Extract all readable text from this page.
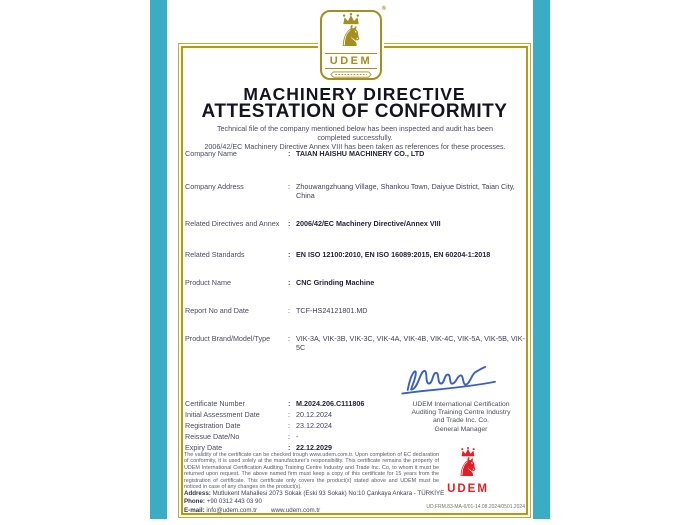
®
♞
UDEM
MACHINERY DIRECTIVE
ATTESTATION OF CONFORMITY
Technical file of the company mentioned below has been inspected and audit has been completed successfully.
2006/42/EC Machinery Directive Annex VIII has been taken as references for these processes.
Company Name	: TAIAN HAISHU MACHINERY CO., LTD
Company Address	: Zhouwangzhuang Village, Shankou Town, Daiyue District, Taian City, China
Related Directives and Annex	: 2006/42/EC Machinery Directive/Annex VIII
Related Standards	: EN ISO 12100:2010, EN ISO 16089:2015, EN 60204-1:2018
Product Name	: CNC Grinding Machine
Report No and Date	: TCF-HS24121801.MD
Product Brand/Model/Type	: VIK-3A, VIK-3B, VIK-3C, VIK-4A, VIK-4B, VIK-4C, VIK-5A, VIK-5B, VIK-5C
UDEM International Certification
Auditing Training Centre Industry
and Trade Inc. Co.
General Manager
Certificate Number	: M.2024.206.C111806
Initial Assessment Date	: 20.12.2024
Registration Date	: 23.12.2024
Reissue Date/No	: -
Expiry Date	: 22.12.2029
The validity of the certificate can be checked trough www.udem.com.tr. Upon completion of EC declaration of conformity, it is used solely at the manufacturer's responsibility. This certificate remains the property of UDEM International Certification Auditing Training Centre Industry and Trade Inc. Co, to whom it must be returned upon request. The above named firm must keep a copy of this certificate for 15 years from the registration of certificate. This certificate only covers the product(s) stated above and UDEM must be noticed in case of any changes on the product(s).
Address: Mutlukent Mahallesi 2073 Sokak (Eski 93 Sokak) No:10 Çankaya Ankara - TÜRKİYE
Phone: +90 0312 443 03 90
E-mail: info@udem.com.tr www.udem.com.tr	UD.FRM.83-MA-6/01-14.08.2024/0501.2024
♞
UDEM
